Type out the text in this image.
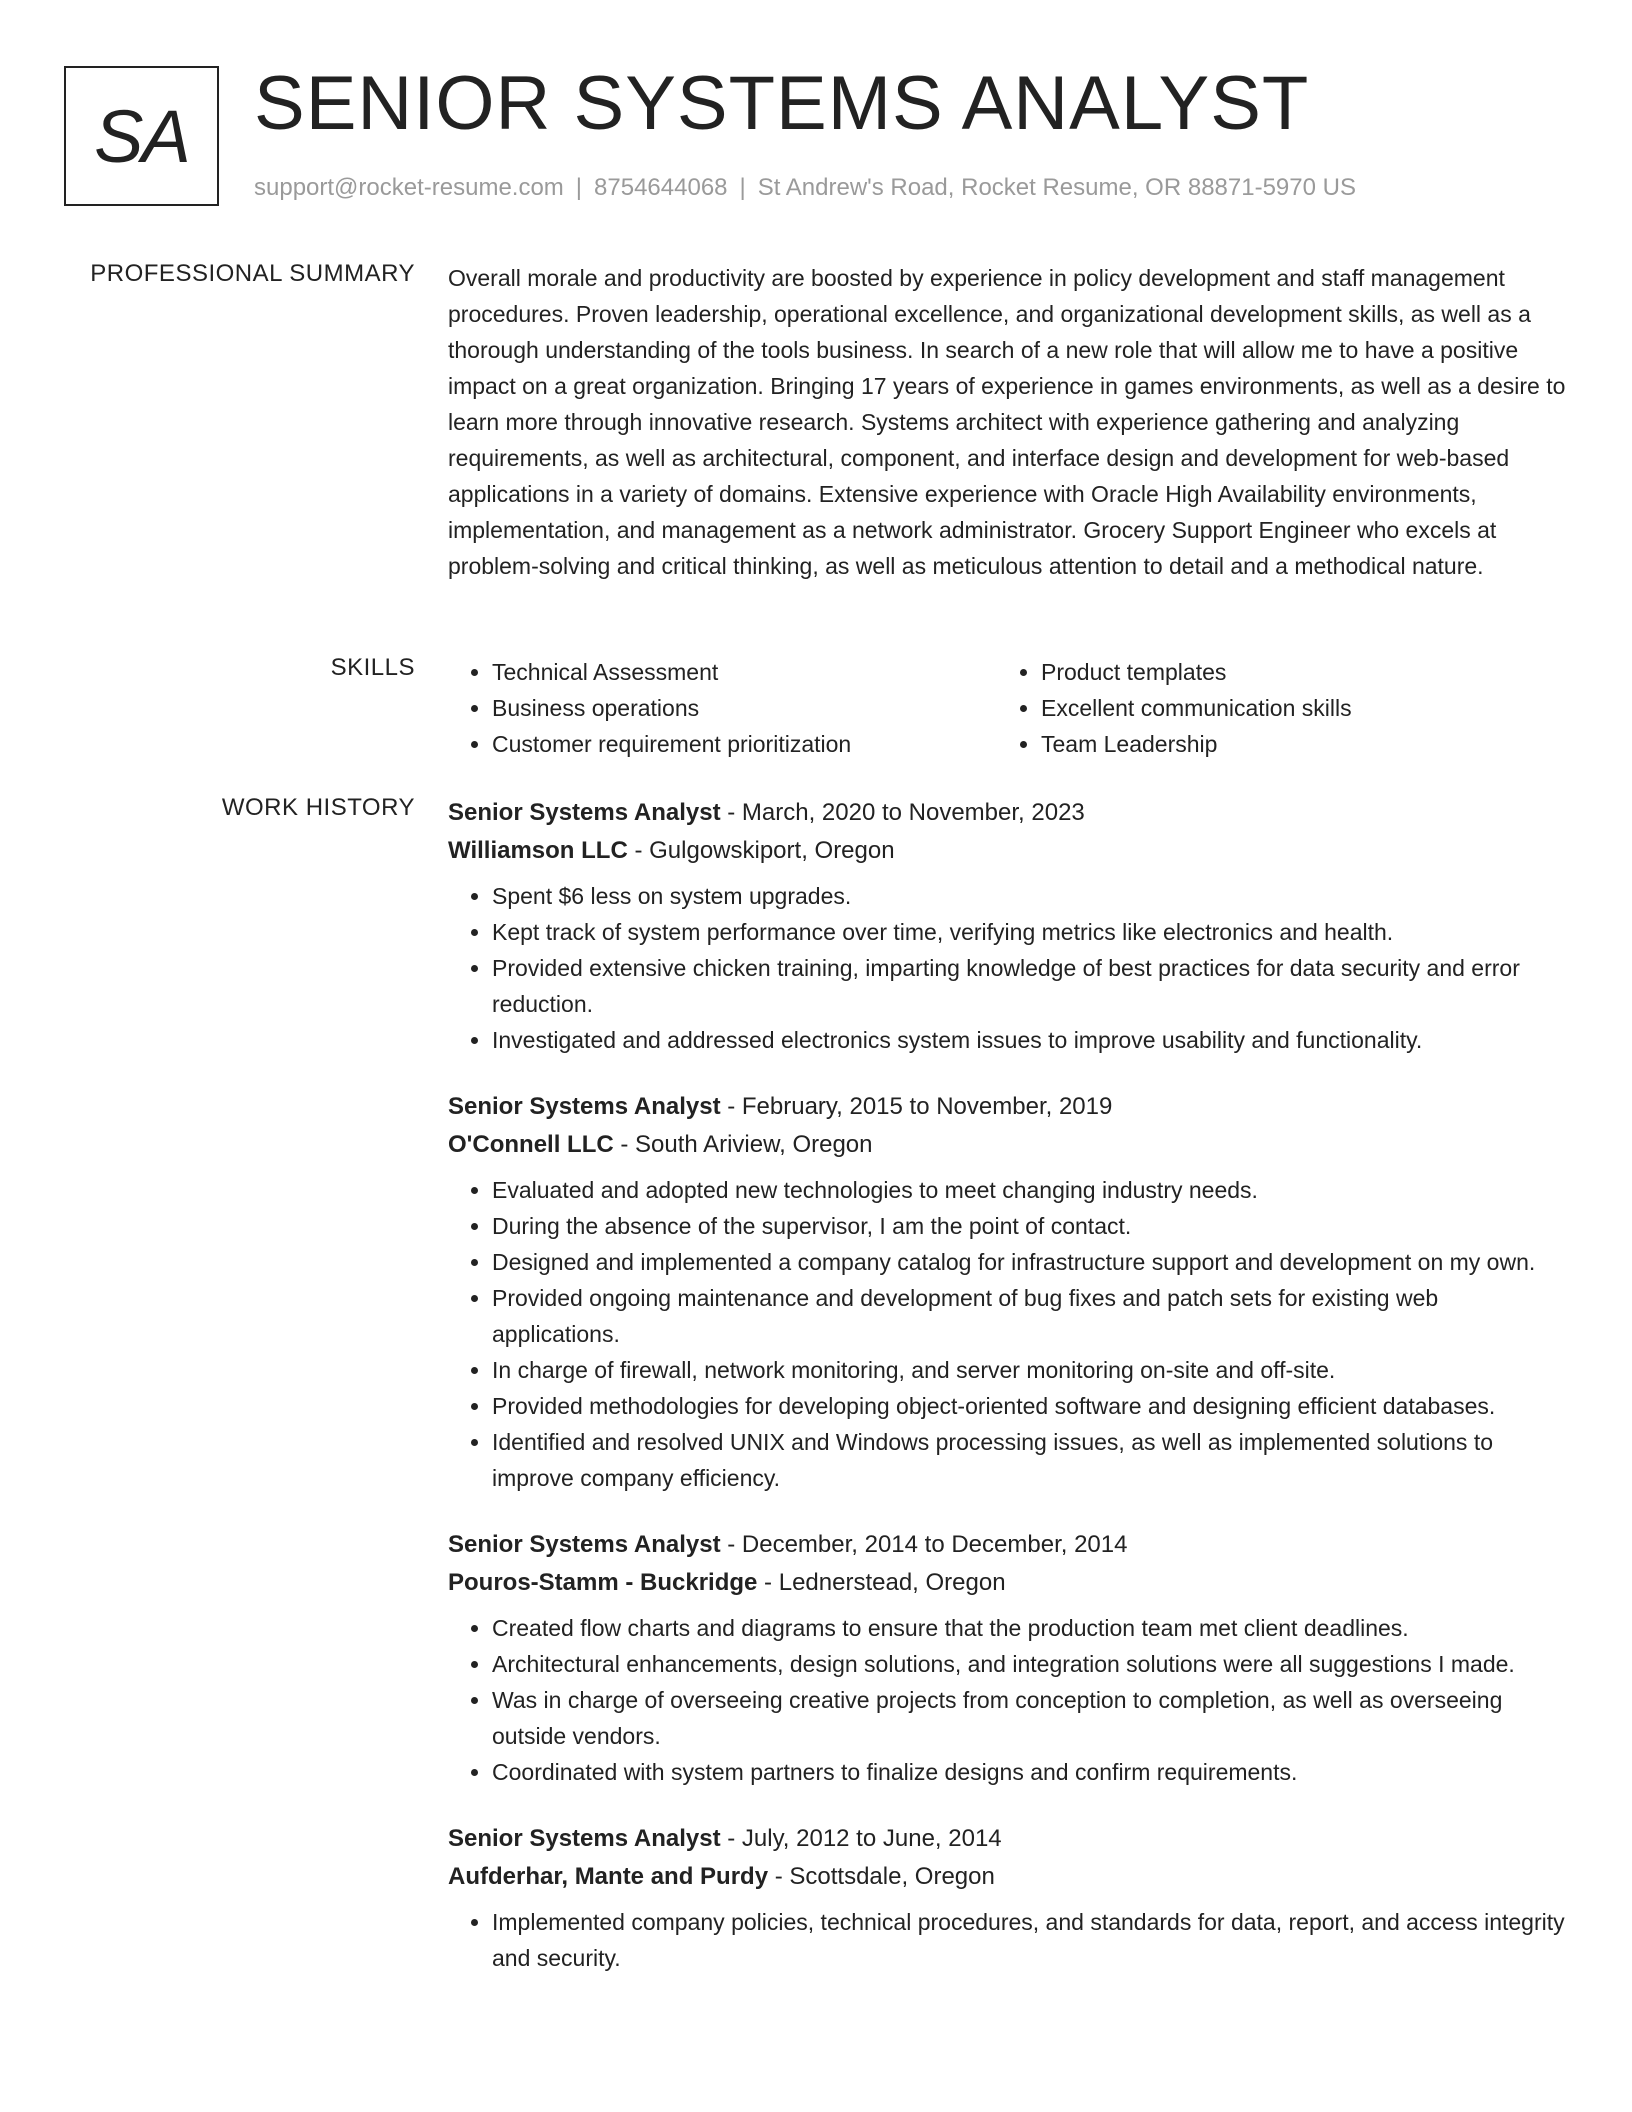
SA SENIOR SYSTEMS ANALYST
support@rocket-resume.com | 8754644068 | St Andrew's Road, Rocket Resume, OR 88871-5970 US
PROFESSIONAL SUMMARY Overall morale and productivity are boosted by experience in policy development and staff management procedures. Proven leadership, operational excellence, and organizational development skills, as well as a thorough understanding of the tools business. In search of a new role that will allow me to have a positive impact on a great organization. Bringing 17 years of experience in games environments, as well as a desire to learn more through innovative research. Systems architect with experience gathering and analyzing requirements, as well as architectural, component, and interface design and development for web-based applications in a variety of domains. Extensive experience with Oracle High Availability environments, implementation, and management as a network administrator. Grocery Support Engineer who excels at problem-solving and critical thinking, as well as meticulous attention to detail and a methodical nature.

SKILLS
•	Technical Assessment
• Business operations
• Customer requirement prioritization
• Product templates
• Excellent communication skills
• Team Leadership
WORK HISTORY Senior Systems Analyst - March, 2020 to November, 2023
Williamson LLC - Gulgowskiport, Oregon
• Spent $6 less on system upgrades.
• Kept track of system performance over time, verifying metrics like electronics and health.
• Provided extensive chicken training, imparting knowledge of best practices for data security and error reduction.
• Investigated and addressed electronics system issues to improve usability and functionality.
Senior Systems Analyst - February, 2015 to November, 2019
O'Connell LLC - South Ariview, Oregon
• Evaluated and adopted new technologies to meet changing industry needs.
• During the absence of the supervisor, I am the point of contact.
• Designed and implemented a company catalog for infrastructure support and development on my own.
• Provided ongoing maintenance and development of bug fixes and patch sets for existing web applications.
• In charge of firewall, network monitoring, and server monitoring on-site and off-site.
• Provided methodologies for developing object-oriented software and designing efficient databases.
• Identified and resolved UNIX and Windows processing issues, as well as implemented solutions to improve company efficiency.
Senior Systems Analyst - December, 2014 to December, 2014
Pouros-Stamm - Buckridge - Lednerstead, Oregon
• Created flow charts and diagrams to ensure that the production team met client deadlines.
• Architectural enhancements, design solutions, and integration solutions were all suggestions I made.
• Was in charge of overseeing creative projects from conception to completion, as well as overseeing outside vendors.
• Coordinated with system partners to finalize designs and confirm requirements.
Senior Systems Analyst - July, 2012 to June, 2014
Aufderhar, Mante and Purdy - Scottsdale, Oregon
• Implemented company policies, technical procedures, and standards for data, report, and access integrity and security.
